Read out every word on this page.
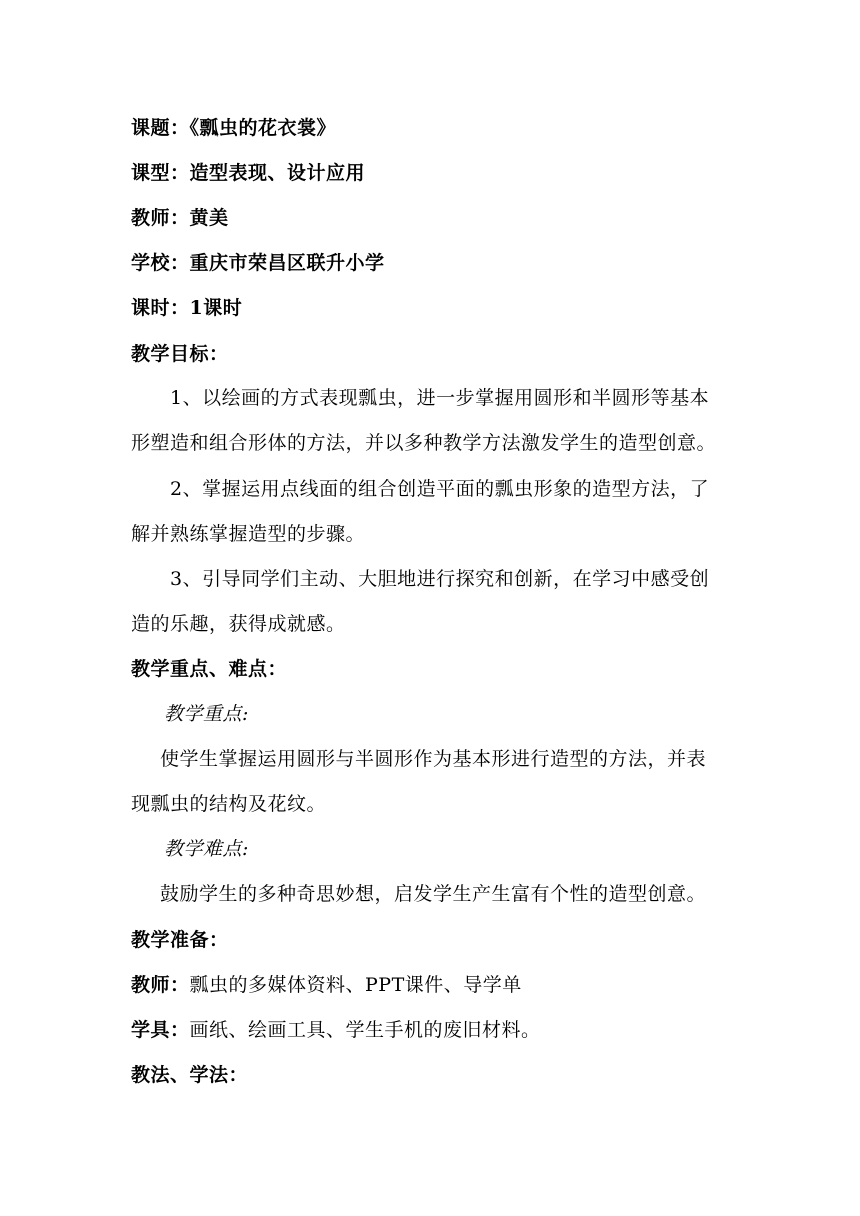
课题：《瓢虫的花衣裳》
课型：造型表现、设计应用
教师：黄美
学校：重庆市荣昌区联升小学
课时：1课时
教学目标：
1、以绘画的方式表现瓢虫，进一步掌握用圆形和半圆形等基本
形塑造和组合形体的方法，并以多种教学方法激发学生的造型创意。
2、掌握运用点线面的组合创造平面的瓢虫形象的造型方法，了
解并熟练掌握造型的步骤。
3、引导同学们主动、大胆地进行探究和创新，在学习中感受创
造的乐趣，获得成就感。
教学重点、难点：
教学重点:
使学生掌握运用圆形与半圆形作为基本形进行造型的方法，并表
现瓢虫的结构及花纹。
教学难点:
鼓励学生的多种奇思妙想，启发学生产生富有个性的造型创意。
教学准备：
教师：瓢虫的多媒体资料、PPT课件、导学单
学具：画纸、绘画工具、学生手机的废旧材料。
教法、学法：
